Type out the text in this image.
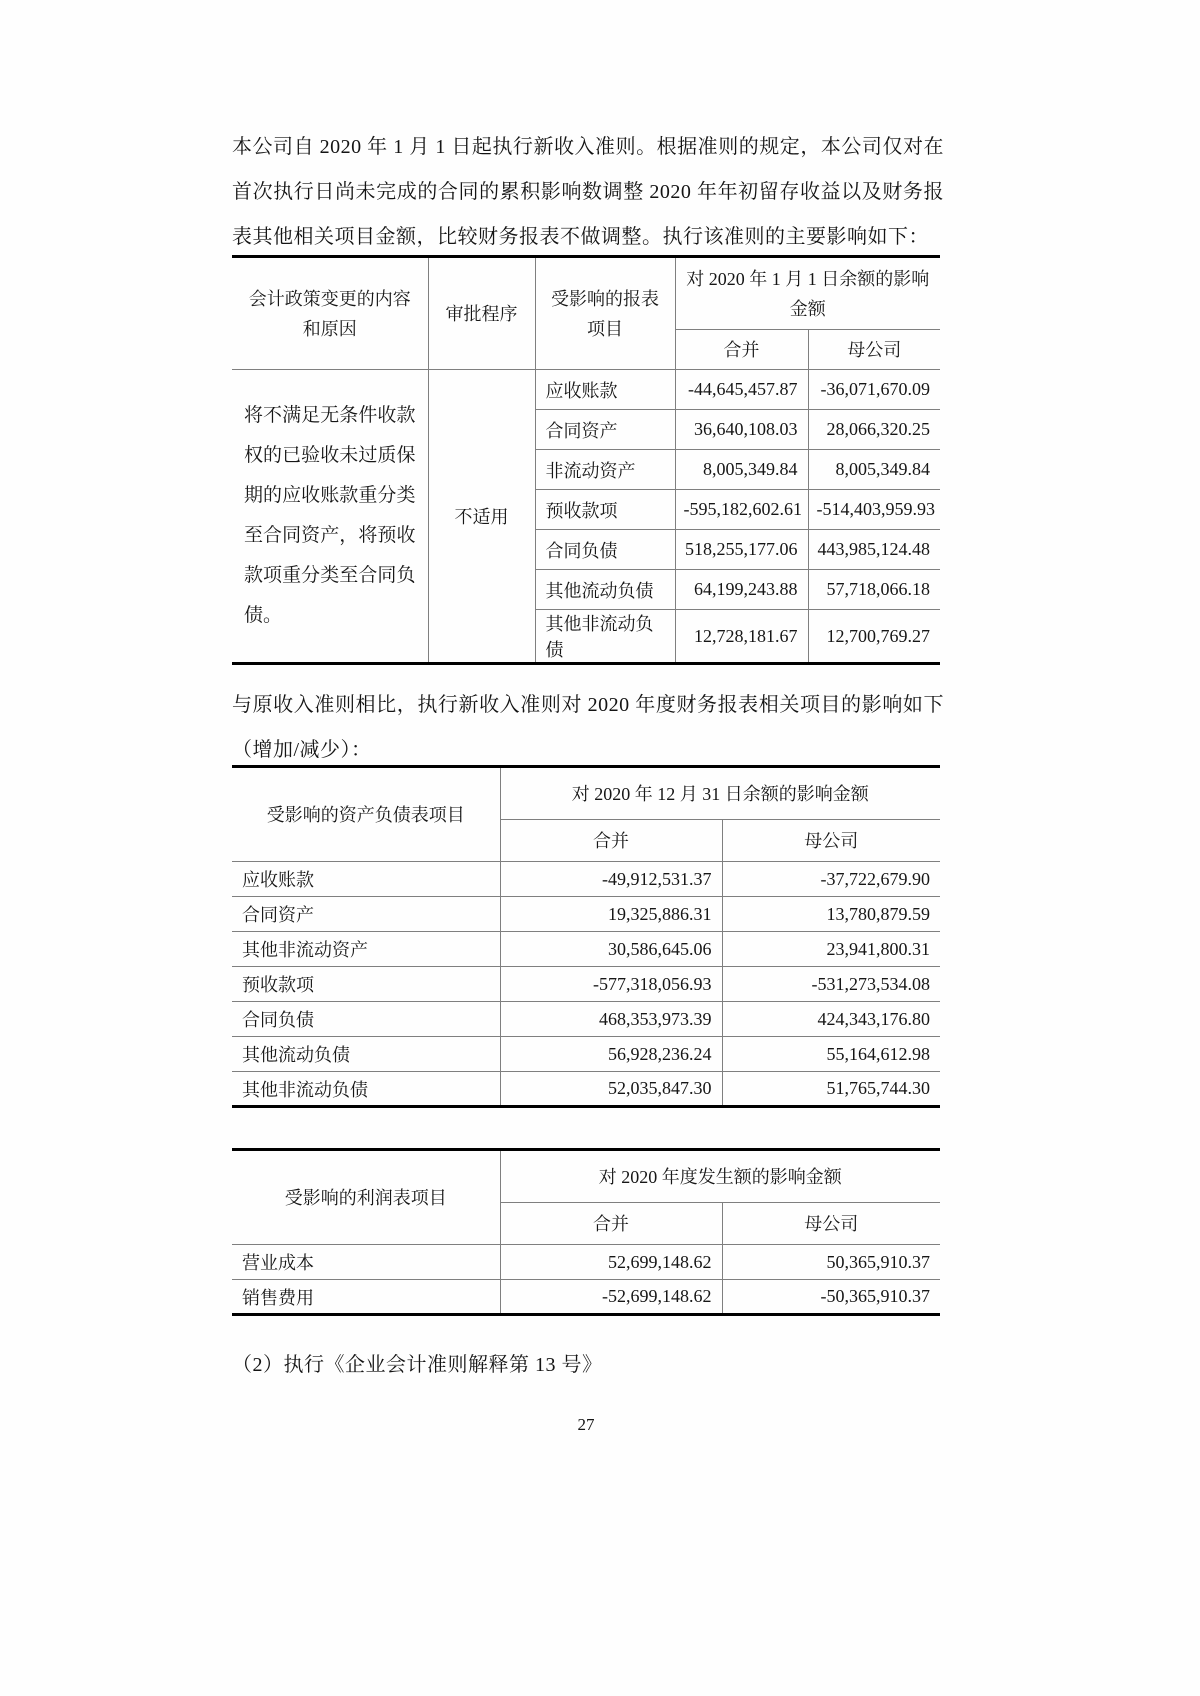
本公司自 2020 年 1 月 1 日起执行新收入准则。根据准则的规定，本公司仅对在首次执行日尚未完成的合同的累积影响数调整 2020 年年初留存收益以及财务报表其他相关项目金额，比较财务报表不做调整。执行该准则的主要影响如下：

会计政策变更的内容和原因	审批程序	受影响的报表项目	对 2020 年 1 月 1 日余额的影响金额	
			合并	母公司
将不满足无条件收款权的已验收未过质保期的应收账款重分类至合同资产，将预收款项重分类至合同负债。	不适用	应收账款	-44,645,457.87	-36,071,670.09
		合同资产	36,640,108.03	28,066,320.25
		非流动资产	8,005,349.84	8,005,349.84
		预收款项	-595,182,602.61	-514,403,959.93
		合同负债	518,255,177.06	443,985,124.48
		其他流动负债	64,199,243.88	57,718,066.18
		其他非流动负债	12,728,181.67	12,700,769.27

与原收入准则相比，执行新收入准则对 2020 年度财务报表相关项目的影响如下（增加/减少）：

受影响的资产负债表项目	对 2020 年 12 月 31 日余额的影响金额	
	合并	母公司
应收账款	-49,912,531.37	-37,722,679.90
合同资产	19,325,886.31	13,780,879.59
其他非流动资产	30,586,645.06	23,941,800.31
预收款项	-577,318,056.93	-531,273,534.08
合同负债	468,353,973.39	424,343,176.80
其他流动负债	56,928,236.24	55,164,612.98
其他非流动负债	52,035,847.30	51,765,744.30
受影响的利润表项目	对 2020 年度发生额的影响金额	
	合并	母公司
营业成本	52,699,148.62	50,365,910.37
销售费用	-52,699,148.62	-50,365,910.37

（2）执行《企业会计准则解释第 13 号》

27
